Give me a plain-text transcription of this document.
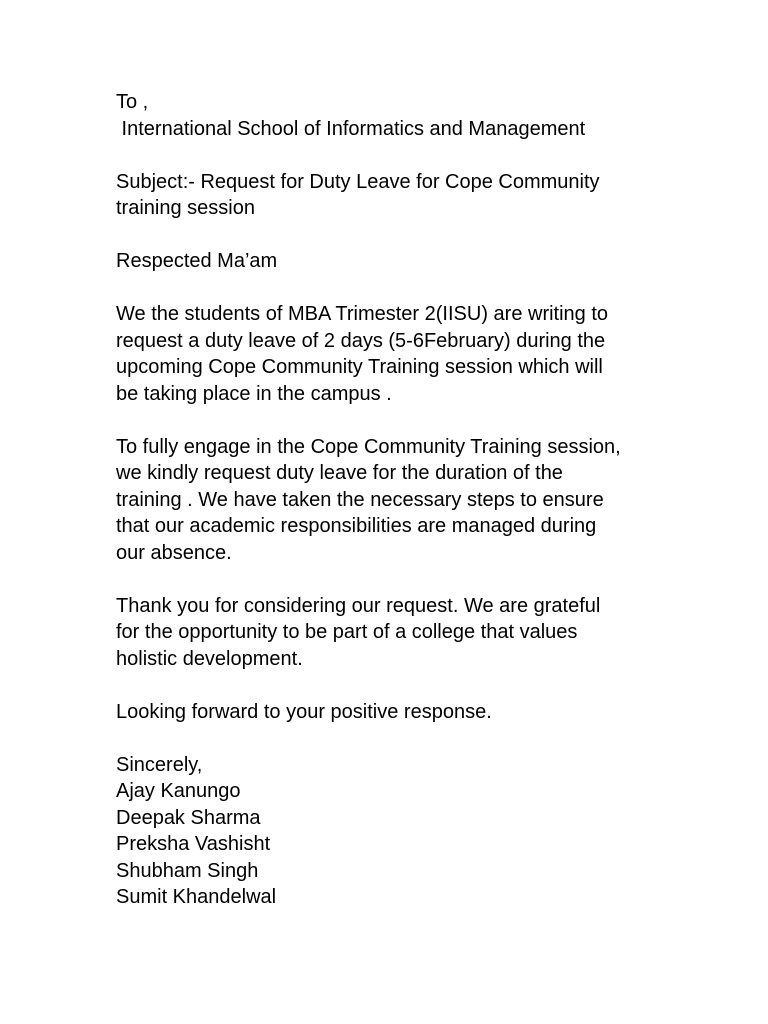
To ,
International School of Informatics and Management
Subject:- Request for Duty Leave for Cope Community
training session
Respected Ma’am
We the students of MBA Trimester 2(IISU) are writing to
request a duty leave of 2 days (5-6February) during the
upcoming Cope Community Training session which will
be taking place in the campus .
To fully engage in the Cope Community Training session,
we kindly request duty leave for the duration of the
training . We have taken the necessary steps to ensure
that our academic responsibilities are managed during
our absence.
Thank you for considering our request. We are grateful
for the opportunity to be part of a college that values
holistic development.
Looking forward to your positive response.
Sincerely,
Ajay Kanungo
Deepak Sharma
Preksha Vashisht
Shubham Singh
Sumit Khandelwal
